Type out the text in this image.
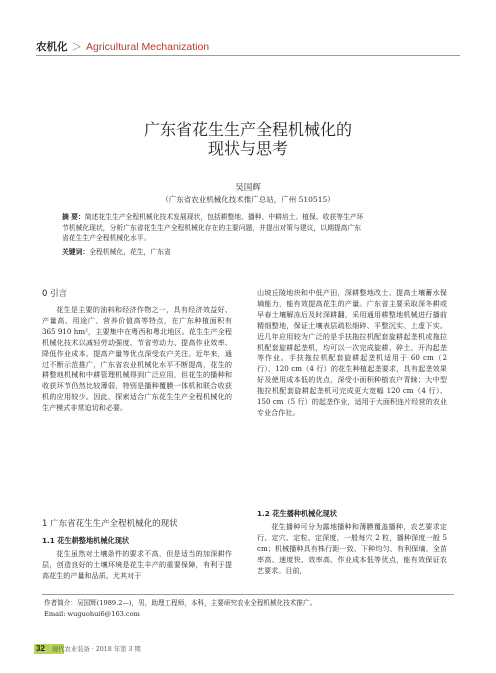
农机化 ＞ Agricultural Mechanization
广东省花生生产全程机械化的
现状与思考
吴国辉
（广东省农业机械化技术推广总站，广州 510515）
摘 要：简述花生生产全程机械化技术发展现状，包括耕整地、播种、中耕培土、植保、收获等生产环
节机械化现状，分析广东省花生生产全程机械化存在的主要问题，并提出对策与建议，以期提高广东
省花生生产全程机械化水平。
关键词：全程机械化，花生，广东省
0 引言

花生是主要的油料和经济作物之一，具有经济效益好、产量高、用途广、营养价值高等特点，在广东种植面积有 365 910 hm²，主要集中在粤西和粤北地区。花生生产全程机械化技术以减轻劳动强度、节省劳动力、提高作业效率、降低作业成本、提高产量等优点深受农户关注。近年来，通过不断示范推广，广东省农业机械化水平不断提高，花生的耕整地机械和中耕管理机械得到广泛应用，但花生的播种和收获环节仍然比较薄弱，特别是播种覆膜一体机和联合收获机的应用较少。因此，探索适合广东花生生产全程机械化的生产模式非常迫切和必要。

1 广东省花生生产全程机械化的现状
1.1 花生耕整地机械化现状

花生虽然对土壤条件的要求不高，但是适当的加深耕作层，创造良好的土壤环境是花生丰产的重要保障，有利于提高花生的产量和品质。尤其对于

山坡丘陵地块和中低产田，深耕整地改土、提高土壤蓄水保墒能力，能有效提高花生的产量。广东省主要采取深冬耕或早春土壤解冻后及时深耕翻，采用通用耕整地机械进行播前精细整地，保证土壤表层疏松细碎、平整沉实、上虚下实。近几年应用较为广泛的是手扶拖拉机配套旋耕起垄机或拖拉机配套旋耕起垄机，均可以一次完成旋耕、碎土、开沟起垄等作业。手扶拖拉机配套旋耕起垄机适用于 60 cm（2 行）、120 cm（4 行）的花生种植起垄要求，具有起垄效果好及使用成本低的优点，深受小面积种植农户青睐；大中型拖拉机配套旋耕起垄机可完成更大宽幅 120 cm（4 行）、150 cm（5 行）的起垄作业，适用于大面积连片经营的农业专业合作社。

1.2 花生播种机械化现状

花生播种可分为露地播种和薄膜覆盖播种，农艺要求定行、定穴、定粒、定深度，一般每穴 2 粒，播种深度一般 5 cm；机械播种具有株行距一致、下种均匀、有利保墒、全苗率高、速度快、效率高、作业成本低等优点，能有效保证农艺要求。目前，

作者简介：吴国辉(1989.2—)，男，助理工程师，本科，主要研究农业全程机械化技术推广。
Email: wuguohui6@163.com
32 现代农业装备 · 2018 年第 3 期
